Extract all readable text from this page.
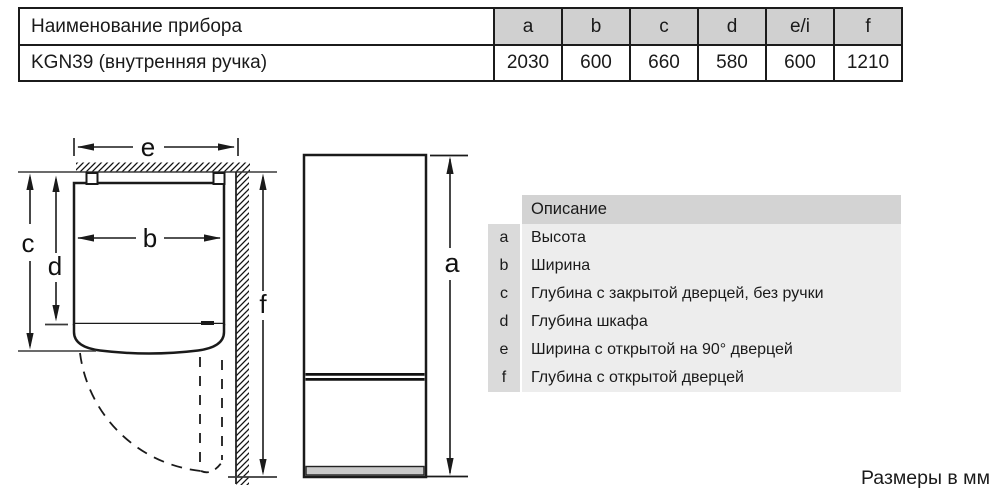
Наименование прибора	a	b	c	d	e/i	f
KGN39 (внутренняя ручка)	2030	600	660	580	600	1210
e
b
c
d
f
a
Описание
a	Высота
b	Ширина
c	Глубина с закрытой дверцей, без ручки
d	Глубина шкафа
e	Ширина с открытой на 90° дверцей
f	Глубина с открытой дверцей
Размеры в мм
